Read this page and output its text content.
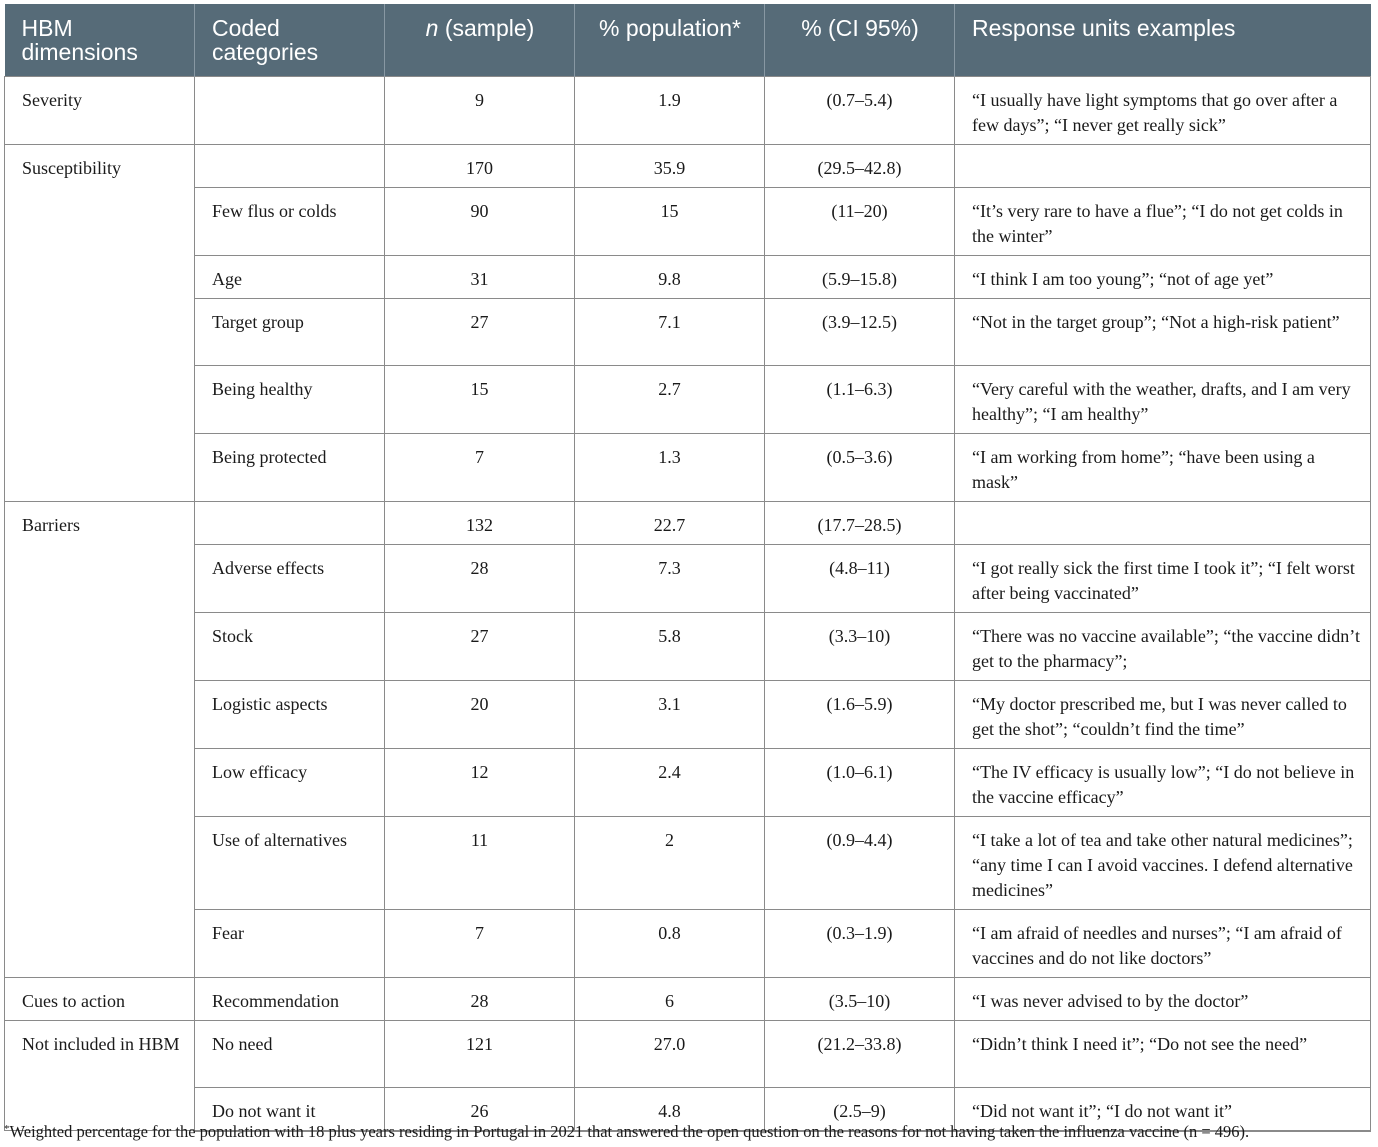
HBM dimensions	Coded categories	n (sample)	% population*	% (CI 95%)	Response units examples
Severity		9	1.9	(0.7–5.4)	“I usually have light symptoms that go over after a few days”; “I never get really sick”
Susceptibility		170	35.9	(29.5–42.8)	
	Few flus or colds	90	15	(11–20)	“It’s very rare to have a flue”; “I do not get colds in the winter”
	Age	31	9.8	(5.9–15.8)	“I think I am too young”; “not of age yet”
	Target group	27	7.1	(3.9–12.5)	“Not in the target group”; “Not a high-risk patient”
	Being healthy	15	2.7	(1.1–6.3)	“Very careful with the weather, drafts, and I am very healthy”; “I am healthy”
	Being protected	7	1.3	(0.5–3.6)	“I am working from home”; “have been using a mask”
Barriers		132	22.7	(17.7–28.5)	
	Adverse effects	28	7.3	(4.8–11)	“I got really sick the first time I took it”; “I felt worst after being vaccinated”
	Stock	27	5.8	(3.3–10)	“There was no vaccine available”; “the vaccine didn’t get to the pharmacy”;
	Logistic aspects	20	3.1	(1.6–5.9)	“My doctor prescribed me, but I was never called to get the shot”; “couldn’t find the time”
	Low efficacy	12	2.4	(1.0–6.1)	“The IV efficacy is usually low”; “I do not believe in the vaccine efficacy”
	Use of alternatives	11	2	(0.9–4.4)	“I take a lot of tea and take other natural medicines”; “any time I can I avoid vaccines. I defend alternative medicines”
	Fear	7	0.8	(0.3–1.9)	“I am afraid of needles and nurses”; “I am afraid of vaccines and do not like doctors”
Cues to action	Recommendation	28	6	(3.5–10)	“I was never advised to by the doctor”
Not included in HBM	No need	121	27.0	(21.2–33.8)	“Didn’t think I need it”; “Do not see the need”
	Do not want it	26	4.8	(2.5–9)	“Did not want it”; “I do not want it”
*Weighted percentage for the population with 18 plus years residing in Portugal in 2021 that answered the open question on the reasons for not having taken the influenza vaccine (n = 496).
